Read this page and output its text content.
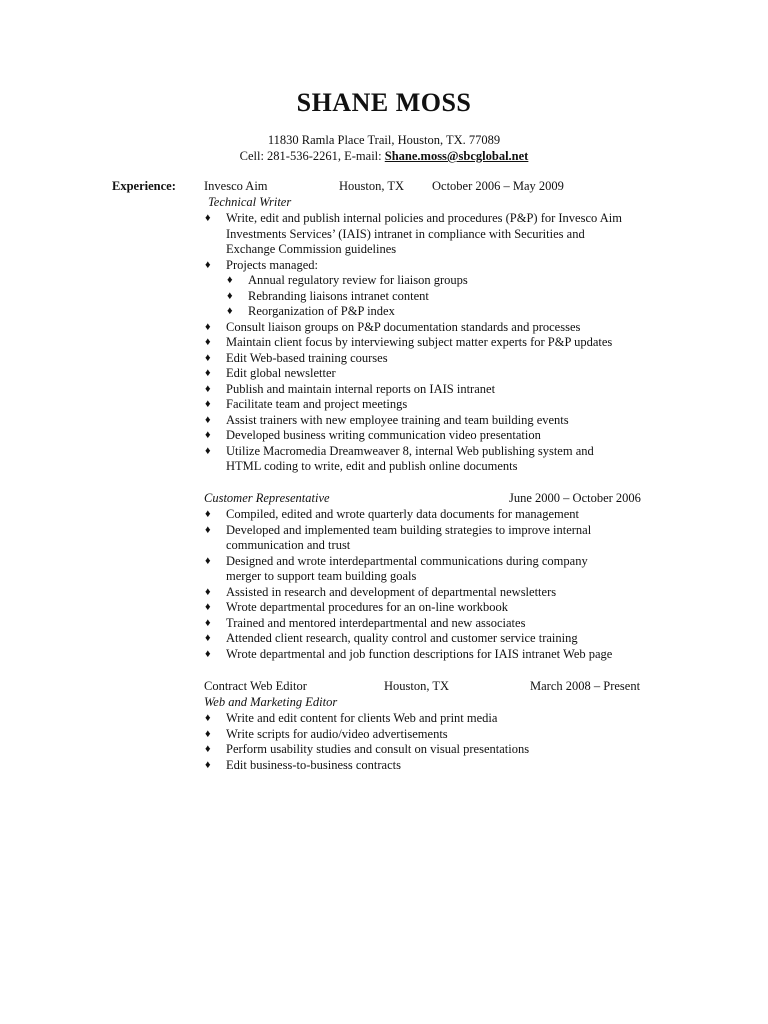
SHANE MOSS
11830 Ramla Place Trail, Houston, TX. 77089
Cell: 281-536-2261, E-mail: Shane.moss@sbcglobal.net
Experience: Invesco Aim	Houston, TX October 2006 – May 2009
Technical Writer
♦ Write, edit and publish internal policies and procedures (P&P) for Invesco Aim Investments Services’ (IAIS) intranet in compliance with Securities and Exchange Commission guidelines
♦ Projects managed:
♦ Annual regulatory review for liaison groups
♦ Rebranding liaisons intranet content
♦ Reorganization of P&P index
♦ Consult liaison groups on P&P documentation standards and processes
♦ Maintain client focus by interviewing subject matter experts for P&P updates
♦ Edit Web-based training courses
♦ Edit global newsletter
♦ Publish and maintain internal reports on IAIS intranet
♦ Facilitate team and project meetings
♦ Assist trainers with new employee training and team building events
♦ Developed business writing communication video presentation
♦ Utilize Macromedia Dreamweaver 8, internal Web publishing system and HTML coding to write, edit and publish online documents
Customer Representative	June 2000 – October 2006
♦ Compiled, edited and wrote quarterly data documents for management
♦ Developed and implemented team building strategies to improve internal communication and trust
♦ Designed and wrote interdepartmental communications during company merger to support team building goals
♦ Assisted in research and development of departmental newsletters
♦ Wrote departmental procedures for an on-line workbook
♦ Trained and mentored interdepartmental and new associates
♦ Attended client research, quality control and customer service training
♦ Wrote departmental and job function descriptions for IAIS intranet Web page
Contract Web Editor	Houston, TX	March 2008 – Present
Web and Marketing Editor
♦ Write and edit content for clients Web and print media
♦ Write scripts for audio/video advertisements
♦ Perform usability studies and consult on visual presentations
♦ Edit business-to-business contracts
